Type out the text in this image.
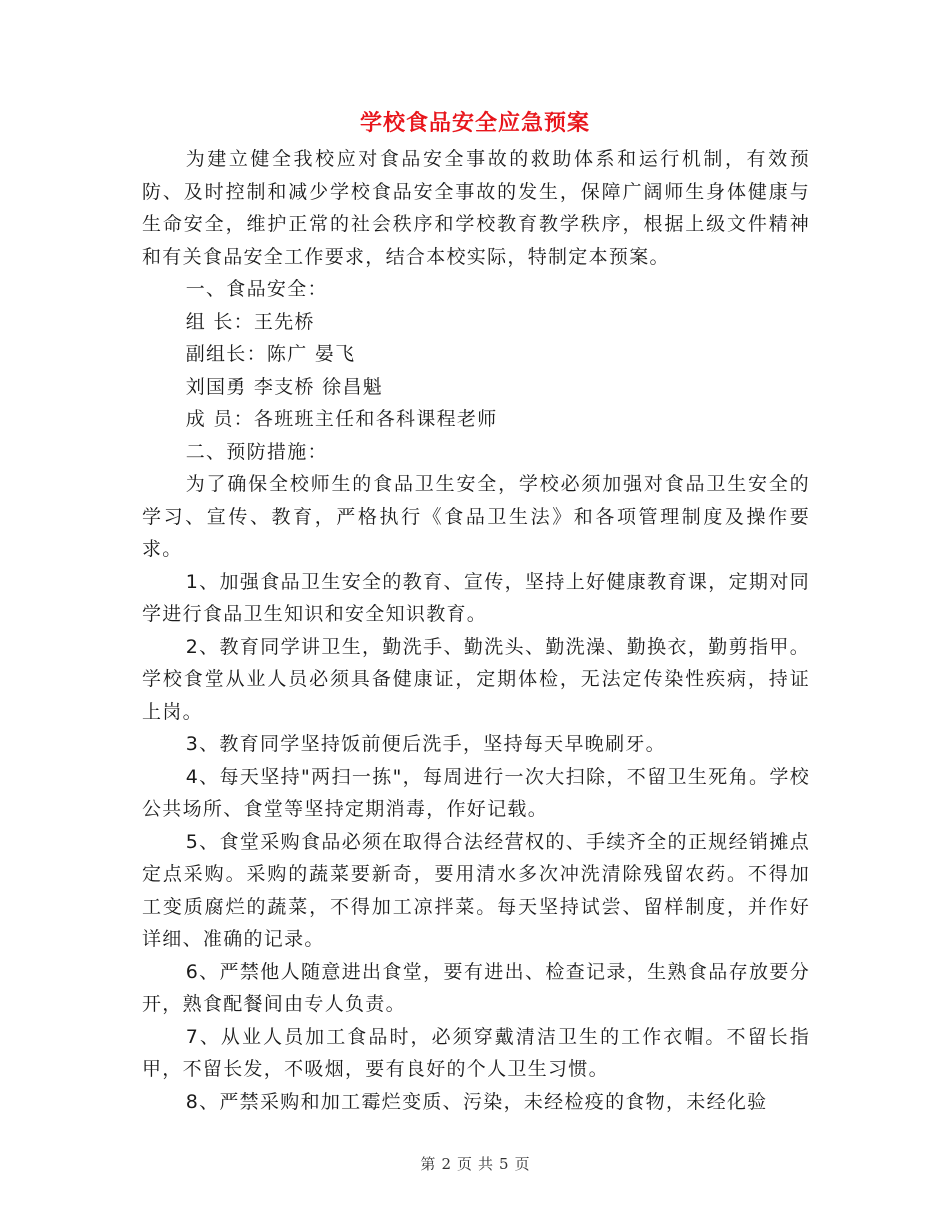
学校食品安全应急预案

为建立健全我校应对食品安全事故的救助体系和运行机制，有效预防、及时控制和减少学校食品安全事故的发生，保障广阔师生身体健康与生命安全，维护正常的社会秩序和学校教育教学秩序，根据上级文件精神和有关食品安全工作要求，结合本校实际，特制定本预案。

一、食品安全：

组 长：王先桥

副组长：陈广 晏飞

刘国勇 李支桥 徐昌魁

成 员：各班班主任和各科课程老师

二、预防措施：

为了确保全校师生的食品卫生安全，学校必须加强对食品卫生安全的学习、宣传、教育，严格执行《食品卫生法》和各项管理制度及操作要求。

1、加强食品卫生安全的教育、宣传，坚持上好健康教育课，定期对同学进行食品卫生知识和安全知识教育。

2、教育同学讲卫生，勤洗手、勤洗头、勤洗澡、勤换衣，勤剪指甲。学校食堂从业人员必须具备健康证，定期体检，无法定传染性疾病，持证上岗。

3、教育同学坚持饭前便后洗手，坚持每天早晚刷牙。

4、每天坚持"两扫一拣"，每周进行一次大扫除，不留卫生死角。学校公共场所、食堂等坚持定期消毒，作好记载。

5、食堂采购食品必须在取得合法经营权的、手续齐全的正规经销摊点定点采购。采购的蔬菜要新奇，要用清水多次冲洗清除残留农药。不得加工变质腐烂的蔬菜，不得加工凉拌菜。每天坚持试尝、留样制度，并作好详细、准确的记录。

6、严禁他人随意进出食堂，要有进出、检查记录，生熟食品存放要分开，熟食配餐间由专人负责。

7、从业人员加工食品时，必须穿戴清洁卫生的工作衣帽。不留长指甲，不留长发，不吸烟，要有良好的个人卫生习惯。

8、严禁采购和加工霉烂变质、污染，未经检疫的食物，未经化验

第 2 页 共 5 页
